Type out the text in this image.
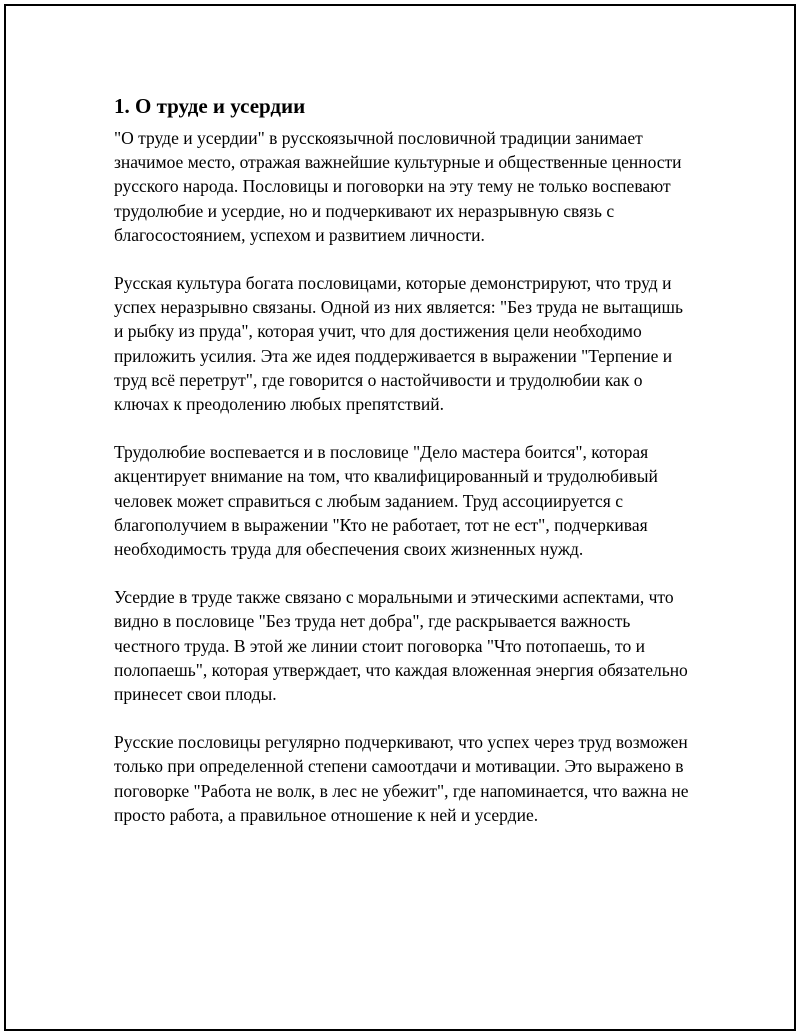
1. О труде и усердии

"О труде и усердии" в русскоязычной пословичной традиции занимает значимое место, отражая важнейшие культурные и общественные ценности русского народа. Пословицы и поговорки на эту тему не только воспевают трудолюбие и усердие, но и подчеркивают их неразрывную связь с благосостоянием, успехом и развитием личности.

Русская культура богата пословицами, которые демонстрируют, что труд и успех неразрывно связаны. Одной из них является: "Без труда не вытащишь и рыбку из пруда", которая учит, что для достижения цели необходимо приложить усилия. Эта же идея поддерживается в выражении "Терпение и труд всё перетрут", где говорится о настойчивости и трудолюбии как о ключах к преодолению любых препятствий.

Трудолюбие воспевается и в пословице "Дело мастера боится", которая акцентирует внимание на том, что квалифицированный и трудолюбивый человек может справиться с любым заданием. Труд ассоциируется с благополучием в выражении "Кто не работает, тот не ест", подчеркивая необходимость труда для обеспечения своих жизненных нужд.

Усердие в труде также связано с моральными и этическими аспектами, что видно в пословице "Без труда нет добра", где раскрывается важность честного труда. В этой же линии стоит поговорка "Что потопаешь, то и полопаешь", которая утверждает, что каждая вложенная энергия обязательно принесет свои плоды.

Русские пословицы регулярно подчеркивают, что успех через труд возможен только при определенной степени самоотдачи и мотивации. Это выражено в поговорке "Работа не волк, в лес не убежит", где напоминается, что важна не просто работа, а правильное отношение к ней и усердие.
